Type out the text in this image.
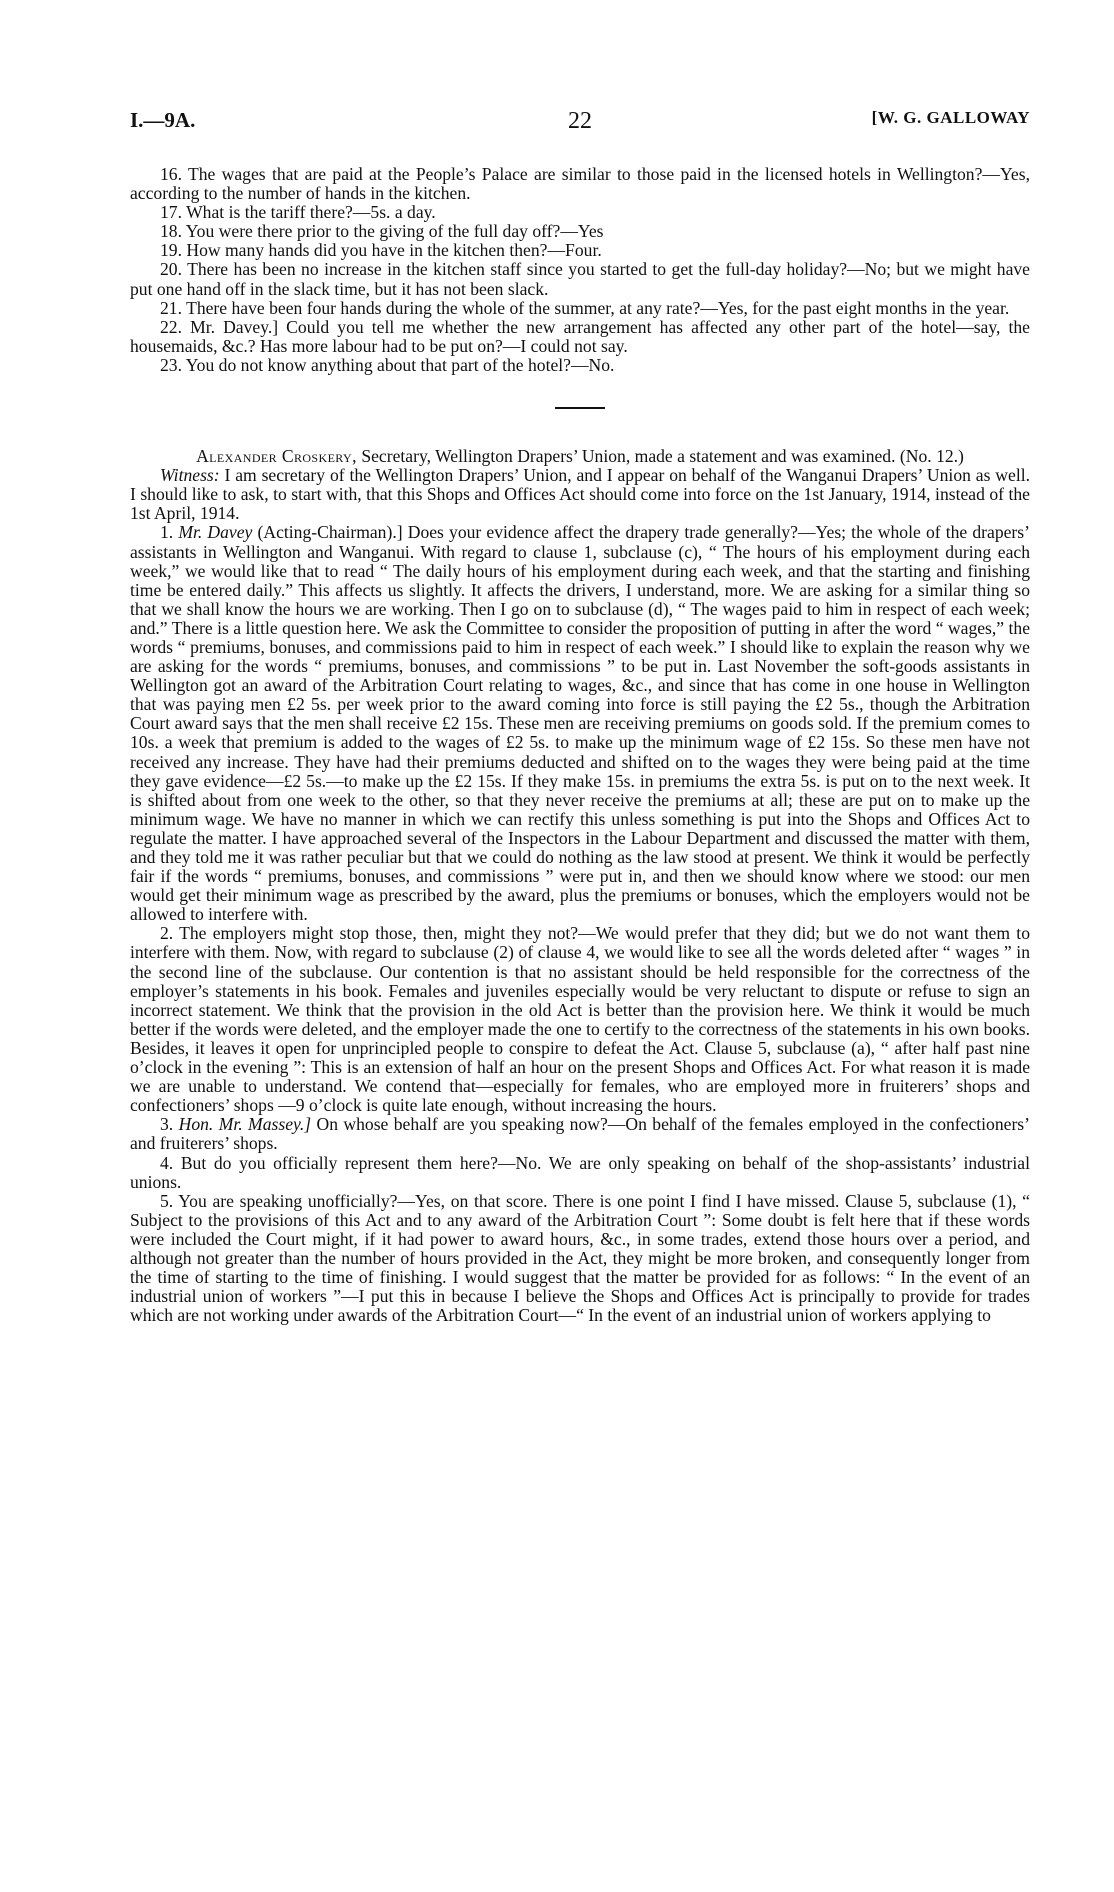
I.—9A.	22	[W. G. GALLOWAY

16. The wages that are paid at the People’s Palace are similar to those paid in the licensed hotels in Wellington?—Yes, according to the number of hands in the kitchen.

17. What is the tariff there?—5s. a day.

18. You were there prior to the giving of the full day off?—Yes

19. How many hands did you have in the kitchen then?—Four.

20. There has been no increase in the kitchen staff since you started to get the full-day holiday?—No; but we might have put one hand off in the slack time, but it has not been slack.

21. There have been four hands during the whole of the summer, at any rate?—Yes, for the past eight months in the year.

22. Mr. Davey.] Could you tell me whether the new arrangement has affected any other part of the hotel—say, the housemaids, &c.? Has more labour had to be put on?—I could not say.

23. You do not know anything about that part of the hotel?—No.

Alexander Croskery, Secretary, Wellington Drapers’ Union, made a statement and was examined. (No. 12.)

Witness: I am secretary of the Wellington Drapers’ Union, and I appear on behalf of the Wanganui Drapers’ Union as well. I should like to ask, to start with, that this Shops and Offices Act should come into force on the 1st January, 1914, instead of the 1st April, 1914.

1. Mr. Davey (Acting-Chairman).] Does your evidence affect the drapery trade generally?—Yes; the whole of the drapers’ assistants in Wellington and Wanganui. With regard to clause 1, subclause (c), “ The hours of his employment during each week,” we would like that to read “ The daily hours of his employment during each week, and that the starting and finishing time be entered daily.” This affects us slightly. It affects the drivers, I understand, more. We are asking for a similar thing so that we shall know the hours we are working. Then I go on to subclause (d), “ The wages paid to him in respect of each week; and.” There is a little question here. We ask the Committee to consider the proposition of putting in after the word “ wages,” the words “ premiums, bonuses, and commissions paid to him in respect of each week.” I should like to explain the reason why we are asking for the words “ premiums, bonuses, and commissions ” to be put in. Last November the soft-goods assistants in Wellington got an award of the Arbitration Court relating to wages, &c., and since that has come in one house in Wellington that was paying men £2 5s. per week prior to the award coming into force is still paying the £2 5s., though the Arbitration Court award says that the men shall receive £2 15s. These men are receiving premiums on goods sold. If the premium comes to 10s. a week that premium is added to the wages of £2 5s. to make up the minimum wage of £2 15s. So these men have not received any increase. They have had their premiums deducted and shifted on to the wages they were being paid at the time they gave evidence—£2 5s.—to make up the £2 15s. If they make 15s. in premiums the extra 5s. is put on to the next week. It is shifted about from one week to the other, so that they never receive the premiums at all; these are put on to make up the minimum wage. We have no manner in which we can rectify this unless something is put into the Shops and Offices Act to regulate the matter. I have approached several of the Inspectors in the Labour Department and discussed the matter with them, and they told me it was rather peculiar but that we could do nothing as the law stood at present. We think it would be perfectly fair if the words “ premiums, bonuses, and commissions ” were put in, and then we should know where we stood: our men would get their minimum wage as prescribed by the award, plus the premiums or bonuses, which the employers would not be allowed to interfere with.

2. The employers might stop those, then, might they not?—We would prefer that they did; but we do not want them to interfere with them. Now, with regard to subclause (2) of clause 4, we would like to see all the words deleted after “ wages ” in the second line of the subclause. Our contention is that no assistant should be held responsible for the correctness of the employer’s statements in his book. Females and juveniles especially would be very reluctant to dispute or refuse to sign an incorrect statement. We think that the provision in the old Act is better than the provision here. We think it would be much better if the words were deleted, and the employer made the one to certify to the correctness of the statements in his own books. Besides, it leaves it open for unprincipled people to conspire to defeat the Act. Clause 5, subclause (a), “ after half past nine o’clock in the evening ”: This is an extension of half an hour on the present Shops and Offices Act. For what reason it is made we are unable to understand. We contend that—especially for females, who are employed more in fruiterers’ shops and confectioners’ shops —9 o’clock is quite late enough, without increasing the hours.

3. Hon. Mr. Massey.] On whose behalf are you speaking now?—On behalf of the females employed in the confectioners’ and fruiterers’ shops.

4. But do you officially represent them here?—No. We are only speaking on behalf of the shop-assistants’ industrial unions.

5. You are speaking unofficially?—Yes, on that score. There is one point I find I have missed. Clause 5, subclause (1), “ Subject to the provisions of this Act and to any award of the Arbitration Court ”: Some doubt is felt here that if these words were included the Court might, if it had power to award hours, &c., in some trades, extend those hours over a period, and although not greater than the number of hours provided in the Act, they might be more broken, and consequently longer from the time of starting to the time of finishing. I would suggest that the matter be provided for as follows: “ In the event of an industrial union of workers ”—I put this in because I believe the Shops and Offices Act is principally to provide for trades which are not working under awards of the Arbitration Court—“ In the event of an industrial union of workers applying to
